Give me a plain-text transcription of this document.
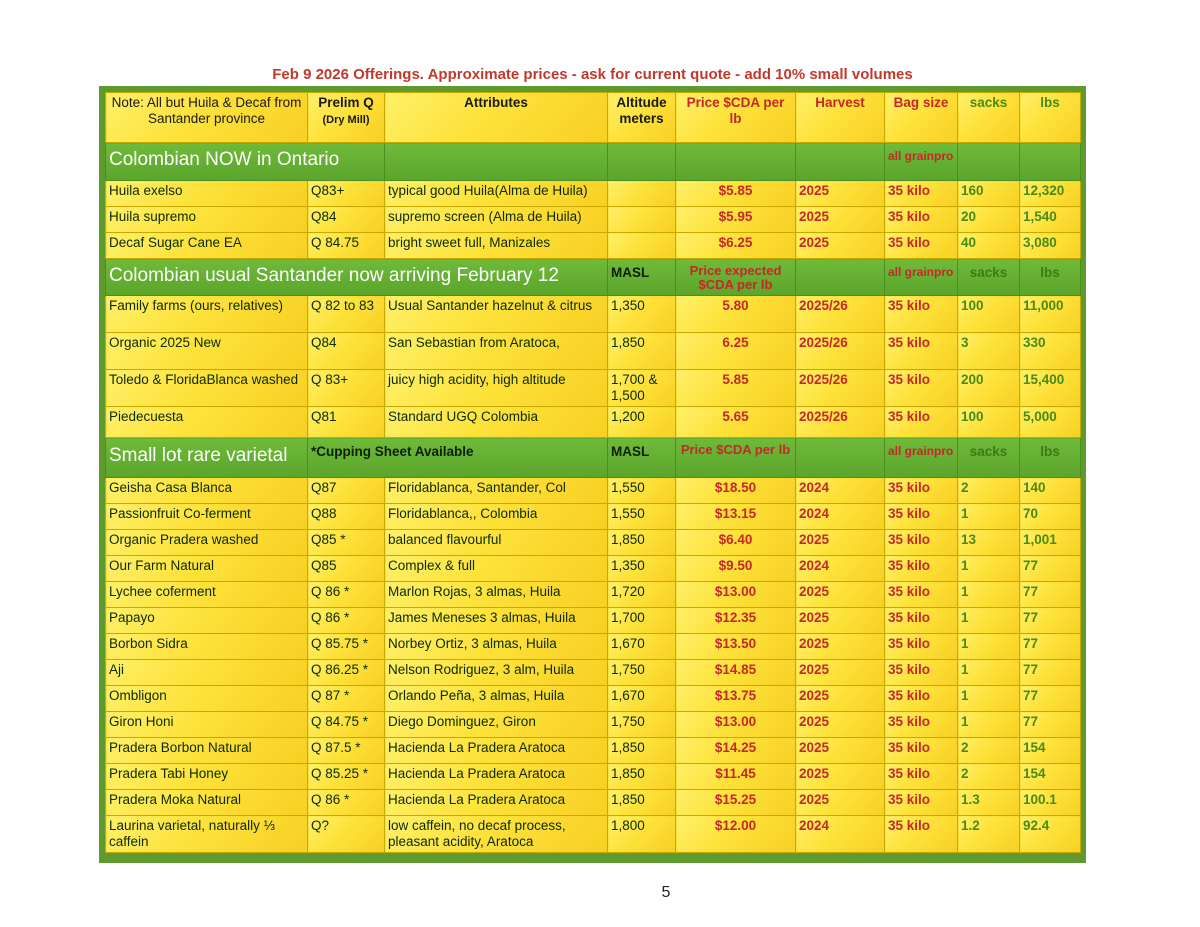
Feb 9 2026 Offerings. Approximate prices - ask for current quote - add 10% small volumes
Note: All but Huila & Decaf from Santander province	Prelim Q
(Dry Mill)	Attributes	Altitude meters	Price $CDA per lb	Harvest	Bag size	sacks	lbs
Colombian NOW in Ontario						all grainpro		
Huila exelso	Q83+	typical good Huila(Alma de Huila)		$5.85	2025	35 kilo	160	12,320
Huila supremo	Q84	supremo screen (Alma de Huila)		$5.95	2025	35 kilo	20	1,540
Decaf Sugar Cane EA	Q 84.75	bright sweet full, Manizales		$6.25	2025	35 kilo	40	3,080
Colombian usual Santander now arriving February 12			MASL	Price expected $CDA per lb		all grainpro	sacks	lbs
Family farms (ours, relatives)	Q 82 to 83	Usual Santander hazelnut & citrus	1,350	5.80	2025/26	35 kilo	100	11,000
Organic 2025 New	Q84	San Sebastian from Aratoca,	1,850	6.25	2025/26	35 kilo	3	330
Toledo & FloridaBlanca washed	Q 83+	juicy high acidity, high altitude	1,700 & 1,500	5.85	2025/26	35 kilo	200	15,400
Piedecuesta	Q81	Standard UGQ Colombia	1,200	5.65	2025/26	35 kilo	100	5,000
Small lot rare varietal	*Cupping Sheet Available		MASL	Price $CDA per lb		all grainpro	sacks	lbs
Geisha Casa Blanca	Q87	Floridablanca, Santander, Col	1,550	$18.50	2024	35 kilo	2	140
Passionfruit Co-ferment	Q88	Floridablanca,, Colombia	1,550	$13.15	2024	35 kilo	1	70
Organic Pradera washed	Q85 *	balanced flavourful	1,850	$6.40	2025	35 kilo	13	1,001
Our Farm Natural	Q85	Complex & full	1,350	$9.50	2024	35 kilo	1	77
Lychee coferment	Q 86 *	Marlon Rojas, 3 almas, Huila	1,720	$13.00	2025	35 kilo	1	77
Papayo	Q 86 *	James Meneses 3 almas, Huila	1,700	$12.35	2025	35 kilo	1	77
Borbon Sidra	Q 85.75 *	Norbey Ortiz, 3 almas, Huila	1,670	$13.50	2025	35 kilo	1	77
Aji	Q 86.25 *	Nelson Rodriguez, 3 alm, Huila	1,750	$14.85	2025	35 kilo	1	77
Ombligon	Q 87 *	Orlando Peña, 3 almas, Huila	1,670	$13.75	2025	35 kilo	1	77
Giron Honi	Q 84.75 *	Diego Dominguez, Giron	1,750	$13.00	2025	35 kilo	1	77
Pradera Borbon Natural	Q 87.5 *	Hacienda La Pradera Aratoca	1,850	$14.25	2025	35 kilo	2	154
Pradera Tabi Honey	Q 85.25 *	Hacienda La Pradera Aratoca	1,850	$11.45	2025	35 kilo	2	154
Pradera Moka Natural	Q 86 *	Hacienda La Pradera Aratoca	1,850	$15.25	2025	35 kilo	1.3	100.1
Laurina varietal, naturally ⅓ caffein	Q?	low caffein, no decaf process, pleasant acidity, Aratoca	1,800	$12.00	2024	35 kilo	1.2	92.4
5
